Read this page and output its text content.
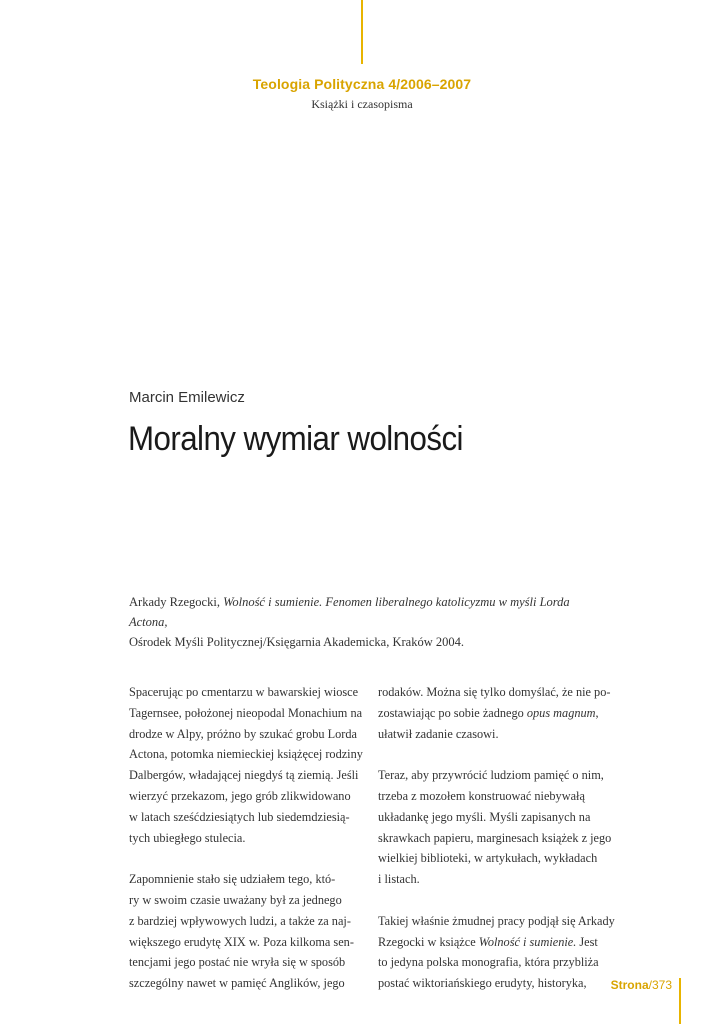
Teologia Polityczna 4/2006–2007
Książki i czasopisma
Marcin Emilewicz
Moralny wymiar wolności
Arkady Rzegocki, Wolność i sumienie. Fenomen liberalnego katolicyzmu w myśli Lorda Actona,
Ośrodek Myśli Politycznej/Księgarnia Akademicka, Kraków 2004.
Spacerując po cmentarzu w bawarskiej wiosce
Tagernsee, położonej nieopodal Monachium na
drodze w Alpy, próżno by szukać grobu Lorda
Actona, potomka niemieckiej książęcej rodziny
Dalbergów, władającej niegdyś tą ziemią. Jeśli
wierzyć przekazom, jego grób zlikwidowano
w latach sześćdziesiątych lub siedemdziesią-
tych ubiegłego stulecia.
Zapomnienie stało się udziałem tego, któ-
ry w swoim czasie uważany był za jednego
z bardziej wpływowych ludzi, a także za naj-
większego erudytę XIX w. Poza kilkoma sen-
tencjami jego postać nie wryła się w sposób
szczególny nawet w pamięć Anglików, jego
rodaków. Można się tylko domyślać, że nie po-
zostawiając po sobie żadnego opus magnum,
ułatwił zadanie czasowi.
Teraz, aby przywrócić ludziom pamięć o nim,
trzeba z mozołem konstruować niebywałą
układankę jego myśli. Myśli zapisanych na
skrawkach papieru, marginesach książek z jego
wielkiej biblioteki, w artykułach, wykładach
i listach.
Takiej właśnie żmudnej pracy podjął się Arkady
Rzegocki w książce Wolność i sumienie. Jest
to jedyna polska monografia, która przybliża
postać wiktoriańskiego erudyty, historyka,	Strona/373
